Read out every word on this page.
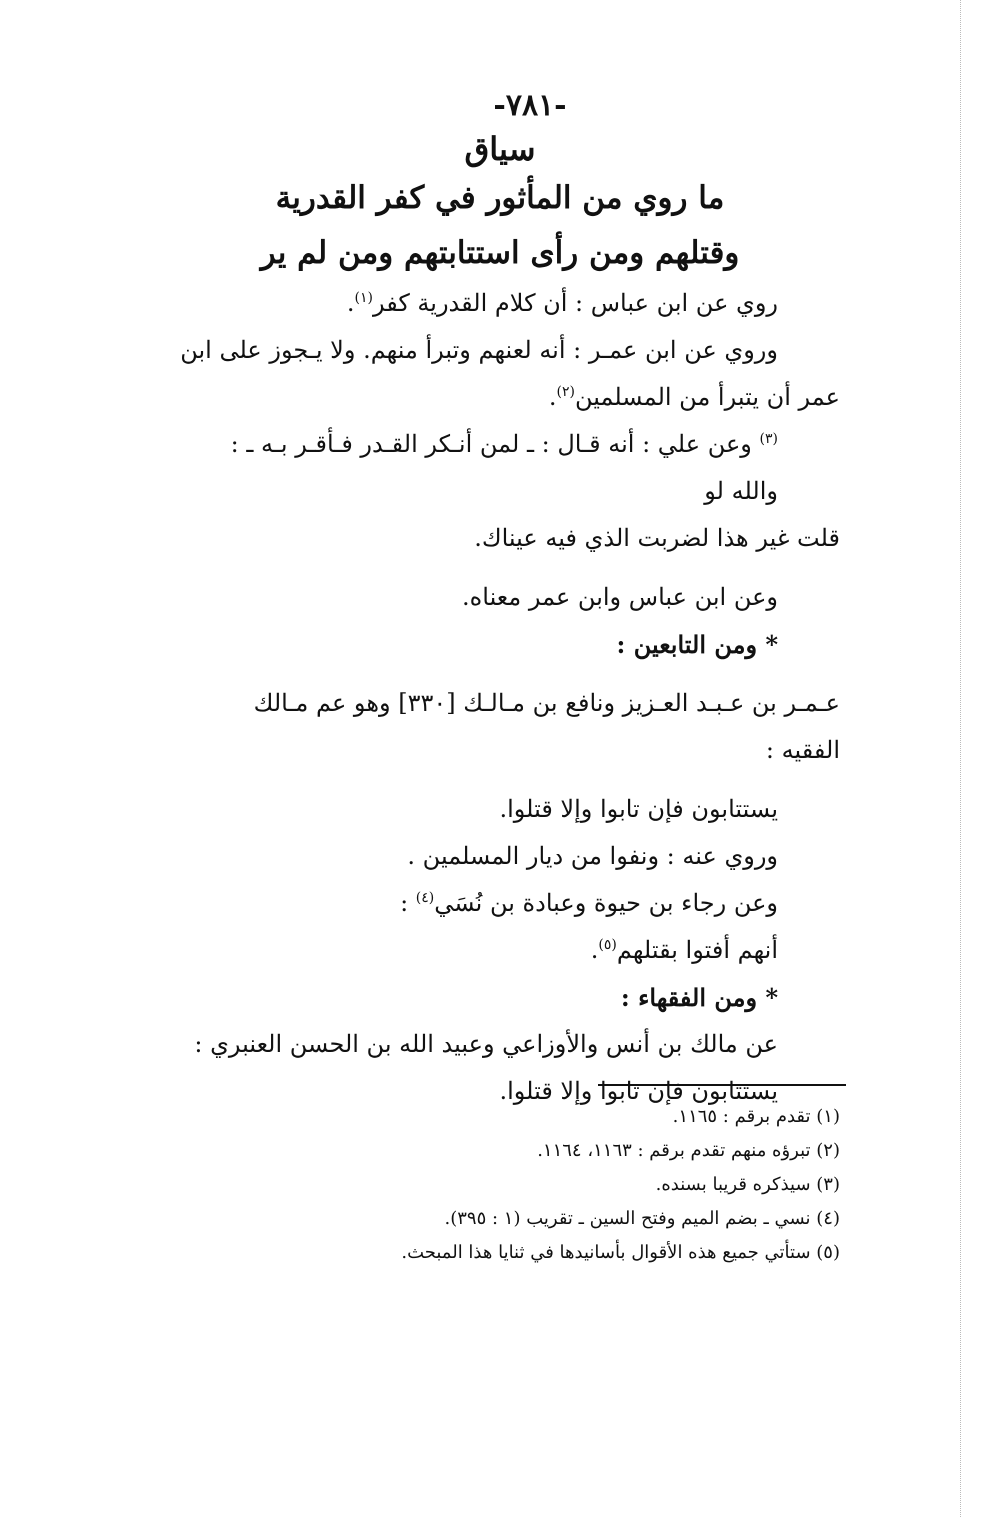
-٧٨١-
سياق
ما روي من المأثور في كفر القدرية
وقتلهم ومن رأى استتابتهم ومن لم ير

روي عن ابن عباس : أن كلام القدرية كفر$^{(١)}$.

وروي عن ابن عمـر : أنه لعنهم وتبرأ منهم. ولا يـجوز على ابن

عمر أن يتبرأ من المسلمين$^{(٢)}$.

$^{(٣)}$ وعن علي : أنه قـال : ـ لمن أنـكر القـدر فـأقـر بـه ـ : والله لو

قلت غير هذا لضربت الذي فيه عيناك.

وعن ابن عباس وابن عمر معناه.

* ومن التابعين :

عـمـر بن عـبـد العـزيز ونافع بن مـالـك [٣٣٠] وهو عم مـالك

الفقيه :

يستتابون فإن تابوا وإلا قتلوا.

وروي عنه : ونفوا من ديار المسلمين .

وعن رجاء بن حيوة وعبادة بن نُسَي$^{(٤)}$ :

أنهم أفتوا بقتلهم$^{(٥)}$.

* ومن الفقهاء :

عن مالك بن أنس والأوزاعي وعبيد الله بن الحسن العنبري :

يستتابون فإن تابوا وإلا قتلوا.

(١) تقدم برقم : ١١٦٥.

(٢) تبرؤه منهم تقدم برقم : ١١٦٣، ١١٦٤.

(٣) سيذكره قريبا بسنده.

(٤) نسي ـ بضم الميم وفتح السين ـ تقريب (١ : ٣٩٥).

(٥) ستأتي جميع هذه الأقوال بأسانيدها في ثنايا هذا المبحث.
